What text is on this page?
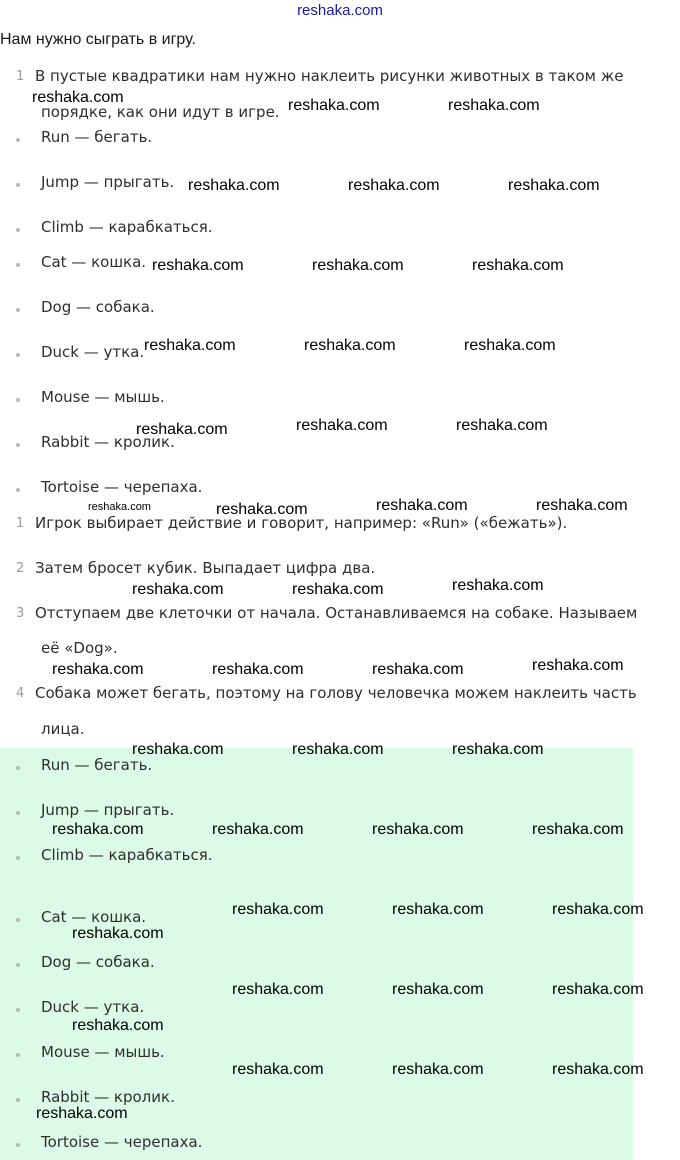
reshaka.com
Нам нужно сыграть в игру.
1 В пустые квадратики нам нужно наклеить рисунки животных в таком же
порядке, как они идут в игре.
Run — бегать.
Jump — прыгать.
Climb — карабкаться.
Cat — кошка.
Dog — собака.
Duck — утка.
Mouse — мышь.
Rabbit — кролик.
Tortoise — черепаха.
1 Игрок выбирает действие и говорит, например: «Run» («бежать»).
2 Затем бросет кубик. Выпадает цифра два.
3 Отступаем две клеточки от начала. Останавливаемся на собаке. Называем
её «Dog».
4 Собака может бегать, поэтому на голову человечка можем наклеить часть
лица.
Run — бегать.
Jump — прыгать.
Climb — карабкаться.
Cat — кошка.
Dog — собака.
Duck — утка.
Mouse — мышь.
Rabbit — кролик.
Tortoise — черепаха.
reshaka.com	reshaka.com	reshaka.com
reshaka.com	reshaka.com	reshaka.com
reshaka.com	reshaka.com	reshaka.com
reshaka.com	reshaka.com	reshaka.com
reshaka.com	reshaka.com	reshaka.com
reshaka.com	reshaka.com	reshaka.com	reshaka.com
reshaka.com	reshaka.com	reshaka.com
reshaka.com	reshaka.com	reshaka.com	reshaka.com
reshaka.com	reshaka.com	reshaka.com
reshaka.com	reshaka.com	reshaka.com	reshaka.com
reshaka.com	reshaka.com	reshaka.com
reshaka.com
reshaka.com	reshaka.com	reshaka.com
reshaka.com
reshaka.com	reshaka.com	reshaka.com
reshaka.com
